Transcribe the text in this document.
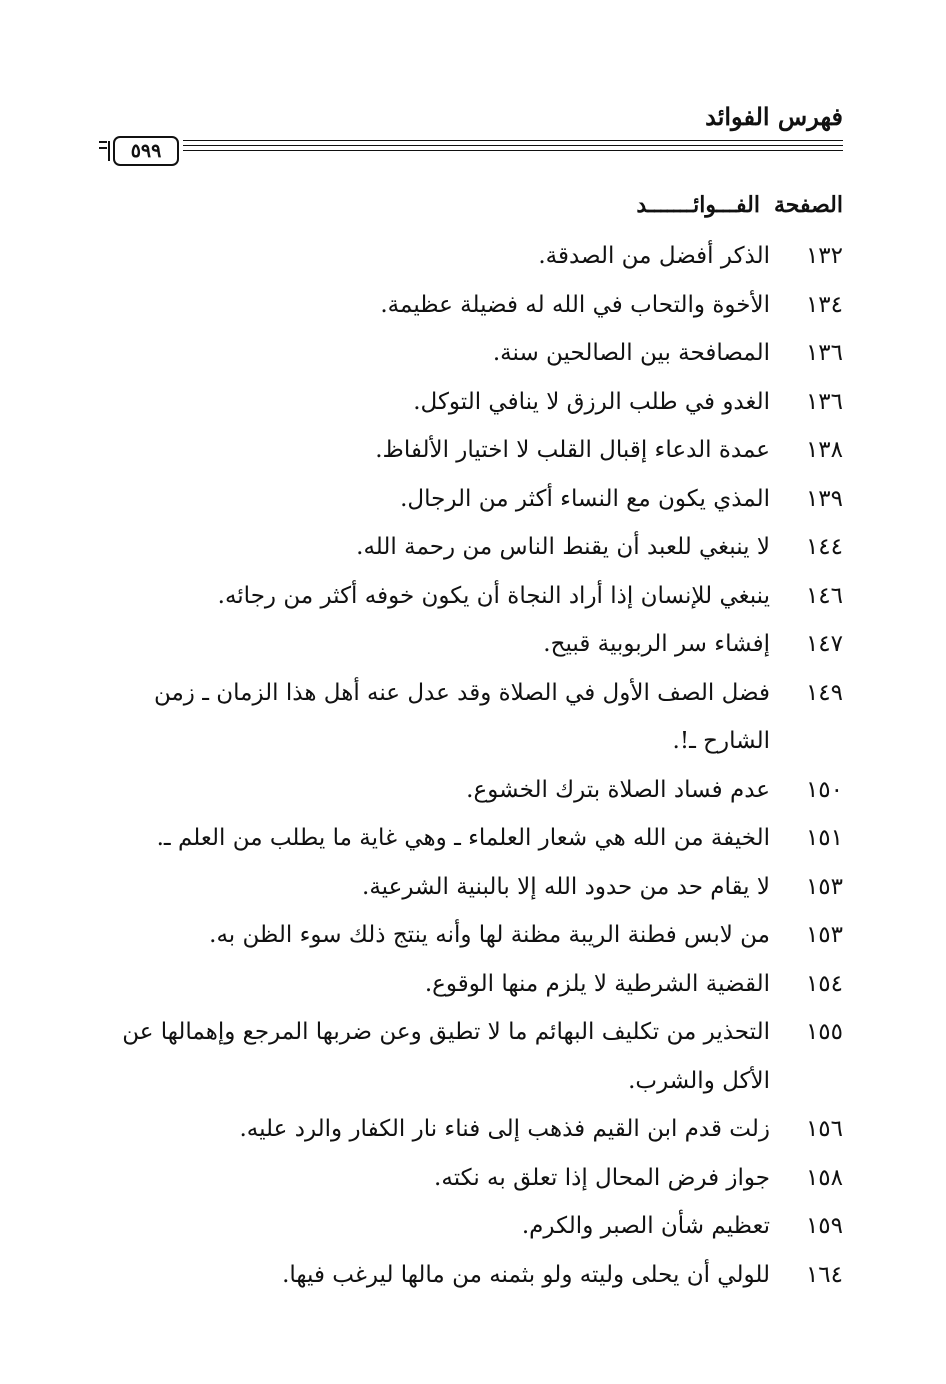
فهرس الفوائد
٥٩٩
الصفحة
الفـــوائـــــــد
١٣٢
الذكر أفضل من الصدقة.
١٣٤
الأخوة والتحاب في الله له فضيلة عظيمة.
١٣٦
المصافحة بين الصالحين سنة.
١٣٦
الغدو في طلب الرزق لا ينافي التوكل.
١٣٨
عمدة الدعاء إقبال القلب لا اختيار الألفاظ.
١٣٩
المذي يكون مع النساء أكثر من الرجال.
١٤٤
لا ينبغي للعبد أن يقنط الناس من رحمة الله.
١٤٦
ينبغي للإنسان إذا أراد النجاة أن يكون خوفه أكثر من رجائه.
١٤٧
إفشاء سر الربوبية قبيح.
١٤٩
فضل الصف الأول في الصلاة وقد عدل عنه أهل هذا الزمان ـ زمن الشارح ـ!.
١٥٠
عدم فساد الصلاة بترك الخشوع.
١٥١
الخيفة من الله هي شعار العلماء ـ وهي غاية ما يطلب من العلم ـ.
١٥٣
لا يقام حد من حدود الله إلا بالبنية الشرعية.
١٥٣
من لابس فطنة الريبة مظنة لها وأنه ينتج ذلك سوء الظن به.
١٥٤
القضية الشرطية لا يلزم منها الوقوع.
١٥٥
التحذير من تكليف البهائم ما لا تطيق وعن ضربها المرجع وإهمالها عن الأكل والشرب.
١٥٦
زلت قدم ابن القيم فذهب إلى فناء نار الكفار والرد عليه.
١٥٨
جواز فرض المحال إذا تعلق به نكته.
١٥٩
تعظيم شأن الصبر والكرم.
١٦٤
للولي أن يحلى وليته ولو بثمنه من مالها ليرغب فيها.
